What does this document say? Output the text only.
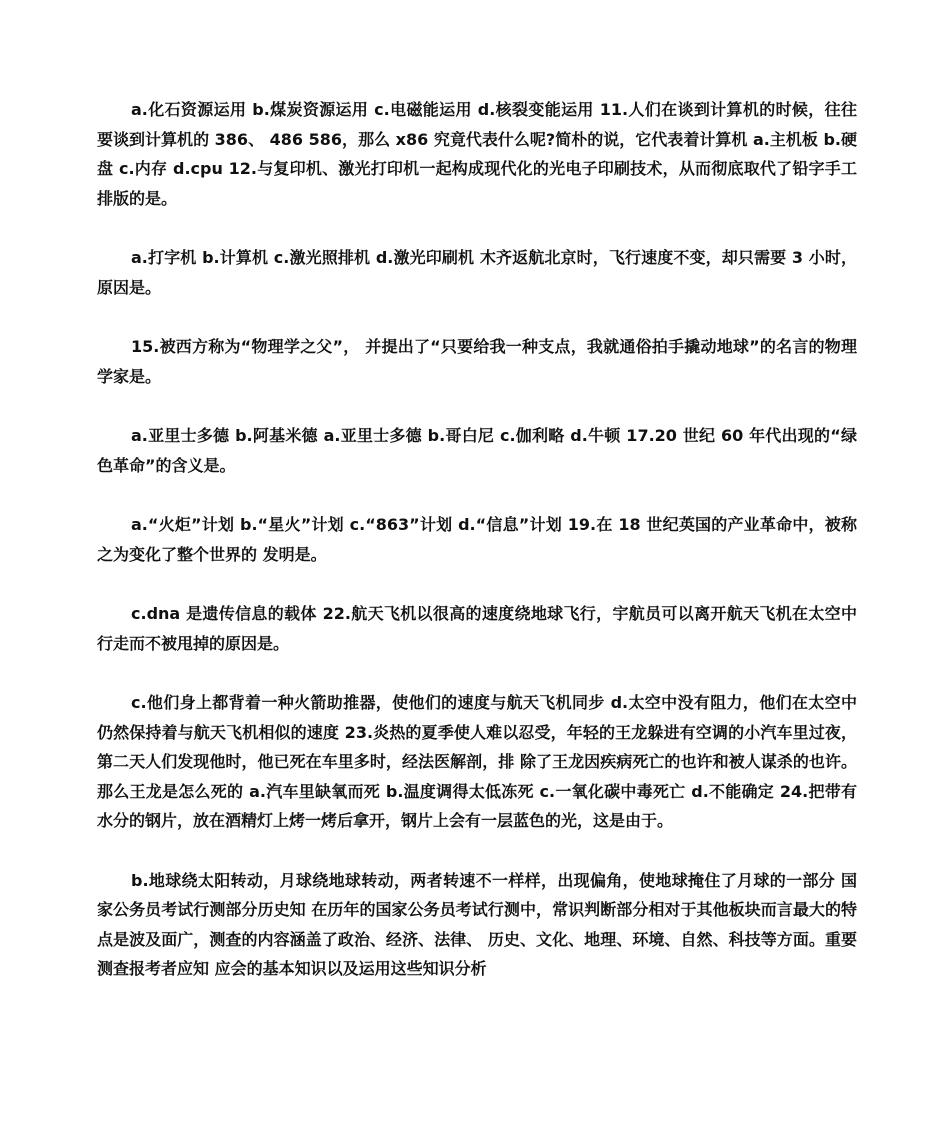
a.化石资源运用 b.煤炭资源运用 c.电磁能运用 d.核裂变能运用 11.人们在谈到计算机的时候，往往要谈到计算机的 386、 486 586，那么 x86 究竟代表什么呢?简朴的说，它代表着计算机 a.主机板 b.硬盘 c.内存 d.cpu 12.与复印机、激光打印机一起构成现代化的光电子印刷技术，从而彻底取代了铅字手工排版的是。

a.打字机 b.计算机 c.激光照排机 d.激光印刷机 木齐返航北京时，飞行速度不变，却只需要 3 小时，原因是。

15.被西方称为“物理学之父”， 并提出了“只要给我一种支点，我就通俗拍手撬动地球”的名言的物理学家是。

a.亚里士多德 b.阿基米德 a.亚里士多德 b.哥白尼 c.伽利略 d.牛顿 17.20 世纪 60 年代出现的“绿色革命”的含义是。

a.“火炬”计划 b.“星火”计划 c.“863”计划 d.“信息”计划 19.在 18 世纪英国的产业革命中，被称之为变化了整个世界的 发明是。

c.dna 是遗传信息的载体 22.航天飞机以很高的速度绕地球飞行，宇航员可以离开航天飞机在太空中行走而不被甩掉的原因是。

c.他们身上都背着一种火箭助推器，使他们的速度与航天飞机同步 d.太空中没有阻力，他们在太空中仍然保持着与航天飞机相似的速度 23.炎热的夏季使人难以忍受，年轻的王龙躲进有空调的小汽车里过夜，第二天人们发现他时，他已死在车里多时，经法医解剖，排 除了王龙因疾病死亡的也许和被人谋杀的也许。那么王龙是怎么死的 a.汽车里缺氧而死 b.温度调得太低冻死 c.一氧化碳中毒死亡 d.不能确定 24.把带有水分的钢片，放在酒精灯上烤一烤后拿开，钢片上会有一层蓝色的光，这是由于。

b.地球绕太阳转动，月球绕地球转动，两者转速不一样样，出现偏角，使地球掩住了月球的一部分 国家公务员考试行测部分历史知 在历年的国家公务员考试行测中，常识判断部分相对于其他板块而言最大的特点是波及面广，测查的内容涵盖了政治、经济、法律、 历史、文化、地理、环境、自然、科技等方面。重要测查报考者应知 应会的基本知识以及运用这些知识分析
